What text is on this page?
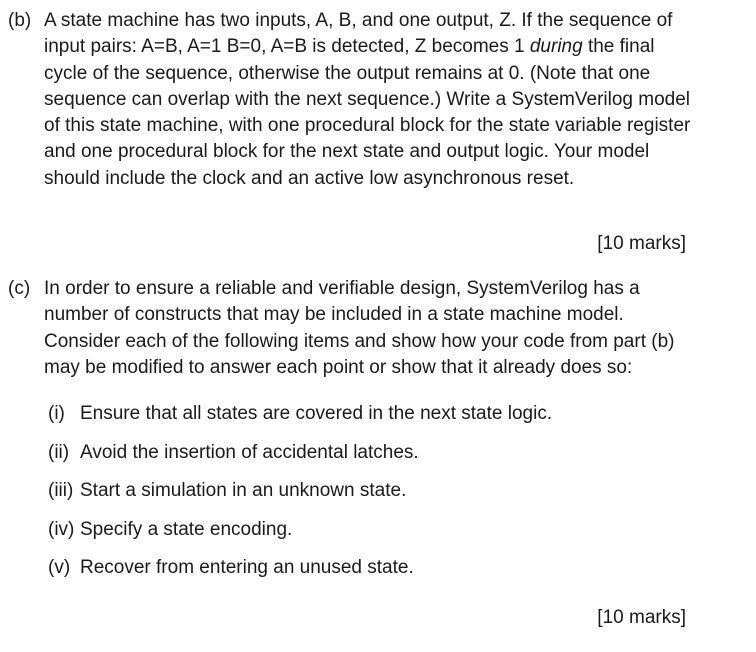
(b) A state machine has two inputs, A, B, and one output, Z. If the sequence of input pairs: A=B, A=1 B=0, A=B is detected, Z becomes 1 during the final cycle of the sequence, otherwise the output remains at 0. (Note that one sequence can overlap with the next sequence.) Write a SystemVerilog model of this state machine, with one procedural block for the state variable register and one procedural block for the next state and output logic. Your model should include the clock and an active low asynchronous reset.
[10 marks]
(c) In order to ensure a reliable and verifiable design, SystemVerilog has a number of constructs that may be included in a state machine model. Consider each of the following items and show how your code from part (b) may be modified to answer each point or show that it already does so:
(i) Ensure that all states are covered in the next state logic.
(ii) Avoid the insertion of accidental latches.
(iii) Start a simulation in an unknown state.
(iv) Specify a state encoding.
(v) Recover from entering an unused state.
[10 marks]
